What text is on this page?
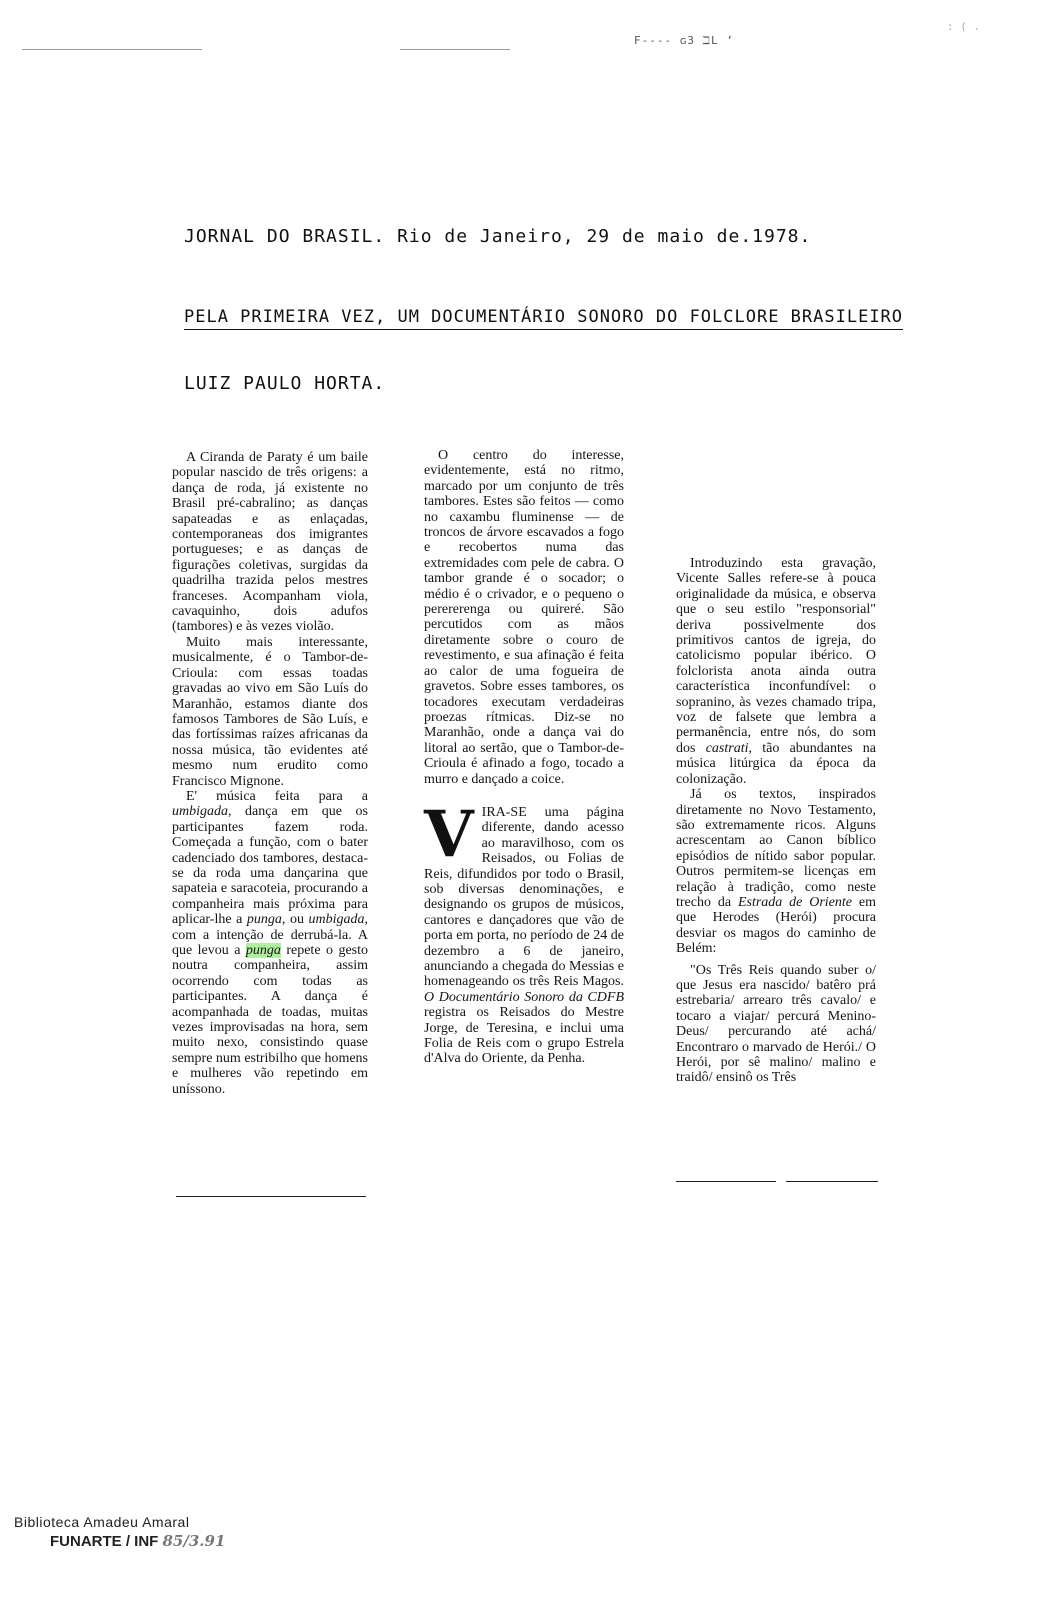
F---- ɢ3 ℶL ʼ
: ( .
JORNAL DO BRASIL. Rio de Janeiro, 29 de maio de.1978.
PELA PRIMEIRA VEZ, UM DOCUMENTÁRIO SONORO DO FOLCLORE BRASILEIRO
LUIZ PAULO HORTA.

A Ciranda de Paraty é um baile popular nascido de três origens: a dança de roda, já existente no Brasil pré-cabralino; as danças sapateadas e as enlaçadas, contemporaneas dos imigrantes portugueses; e as danças de figurações coletivas, surgidas da quadrilha trazida pelos mestres franceses. Acompanham viola, cavaquinho, dois adufos (tambores) e às vezes violão.

Muito mais interessante, musicalmente, é o Tambor-de-Crioula: com essas toadas gravadas ao vivo em São Luís do Maranhão, estamos diante dos famosos Tambores de São Luís, e das fortíssimas raízes africanas da nossa música, tão evidentes até mesmo num erudito como Francisco Mignone.

E' música feita para a umbigada, dança em que os participantes fazem roda. Começada a função, com o bater cadenciado dos tambores, destaca-se da roda uma dançarina que sapateia e saracoteia, procurando a companheira mais próxima para aplicar-lhe a punga, ou umbigada, com a intenção de derrubá-la. A que levou a punga repete o gesto noutra companheira, assim ocorrendo com todas as participantes. A dança é acompanhada de toadas, muitas vezes improvisadas na hora, sem muito nexo, consistindo quase sempre num estribilho que homens e mulheres vão repetindo em uníssono.

O centro do interesse, evidentemente, está no ritmo, marcado por um conjunto de três tambores. Estes são feitos — como no caxambu fluminense — de troncos de árvore escavados a fogo e recobertos numa das extremidades com pele de cabra. O tambor grande é o socador; o médio é o crivador, e o pequeno o perererenga ou quireré. São percutidos com as mãos diretamente sobre o couro de revestimento, e sua afinação é feita ao calor de uma fogueira de gravetos. Sobre esses tambores, os tocadores executam verdadeiras proezas rítmicas. Diz-se no Maranhão, onde a dança vai do litoral ao sertão, que o Tambor-de-Crioula é afinado a fogo, tocado a murro e dançado a coice.

VIRA-SE uma página diferente, dando acesso ao maravilhoso, com os Reisados, ou Folias de Reis, difundidos por todo o Brasil, sob diversas denominações, e designando os grupos de músicos, cantores e dançadores que vão de porta em porta, no período de 24 de dezembro a 6 de janeiro, anunciando a chegada do Messias e homenageando os três Reis Magos. O Documentário Sonoro da CDFB registra os Reisados do Mestre Jorge, de Teresina, e inclui uma Folia de Reis com o grupo Estrela d'Alva do Oriente, da Penha.

Introduzindo esta gravação, Vicente Salles refere-se à pouca originalidade da música, e observa que o seu estilo "responsorial" deriva possivelmente dos primitivos cantos de igreja, do catolicismo popular ibérico. O folclorista anota ainda outra característica inconfundível: o sopranino, às vezes chamado tripa, voz de falsete que lembra a permanência, entre nós, do som dos castrati, tão abundantes na música litúrgica da época da colonização.

Já os textos, inspirados diretamente no Novo Testamento, são extremamente ricos. Alguns acrescentam ao Canon bíblico episódios de nítido sabor popular. Outros permitem-se licenças em relação à tradição, como neste trecho da Estrada de Oriente em que Herodes (Herói) procura desviar os magos do caminho de Belém:

"Os Três Reis quando suber o/ que Jesus era nascido/ batêro prá estrebaria/ arrearo três cavalo/ e tocaro a viajar/ percurá Menino-Deus/ percurando até achá/ Encontraro o marvado de Herói./ O Herói, por sê malino/ malino e traidô/ ensinô os Três

Biblioteca Amadeu Amaral
FUNARTE / INF 85/3.91
